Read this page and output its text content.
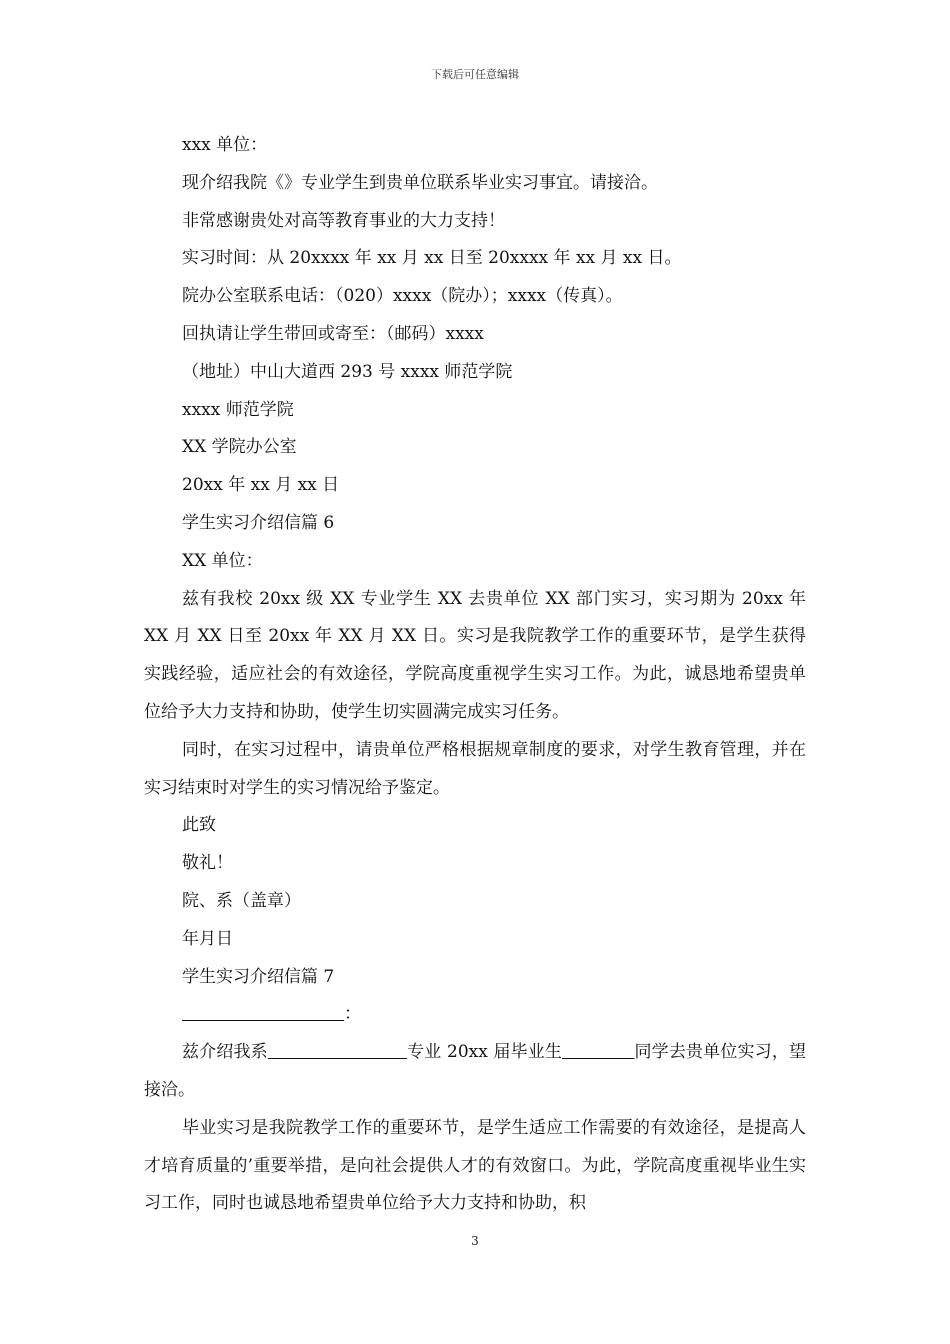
下载后可任意编辑

xxx 单位：

现介绍我院《》专业学生到贵单位联系毕业实习事宜。请接洽。

非常感谢贵处对高等教育事业的大力支持！

实习时间：从 20xxxx 年 xx 月 xx 日至 20xxxx 年 xx 月 xx 日。

院办公室联系电话：（020）xxxx（院办）；xxxx（传真）。

回执请让学生带回或寄至：（邮码）xxxx

（地址）中山大道西 293 号 xxxx 师范学院

xxxx 师范学院

XX 学院办公室

20xx 年 xx 月 xx 日

学生实习介绍信篇 6

XX 单位：

兹有我校 20xx 级 XX 专业学生 XX 去贵单位 XX 部门实习，实习期为 20xx 年 XX 月 XX 日至 20xx 年 XX 月 XX 日。实习是我院教学工作的重要环节，是学生获得实践经验，适应社会的有效途径，学院高度重视学生实习工作。为此，诚恳地希望贵单位给予大力支持和协助，使学生切实圆满完成实习任务。

同时，在实习过程中，请贵单位严格根据规章制度的要求，对学生教育管理，并在实习结束时对学生的实习情况给予鉴定。

此致

敬礼！

院、系（盖章）

年月日

学生实习介绍信篇 7

：

兹介绍我系	专业 20xx 届毕业生	同学去贵单位实习，望接洽。

毕业实习是我院教学工作的重要环节，是学生适应工作需要的有效途径，是提高人才培育质量的’重要举措，是向社会提供人才的有效窗口。为此，学院高度重视毕业生实习工作，同时也诚恳地希望贵单位给予大力支持和协助，积

3
